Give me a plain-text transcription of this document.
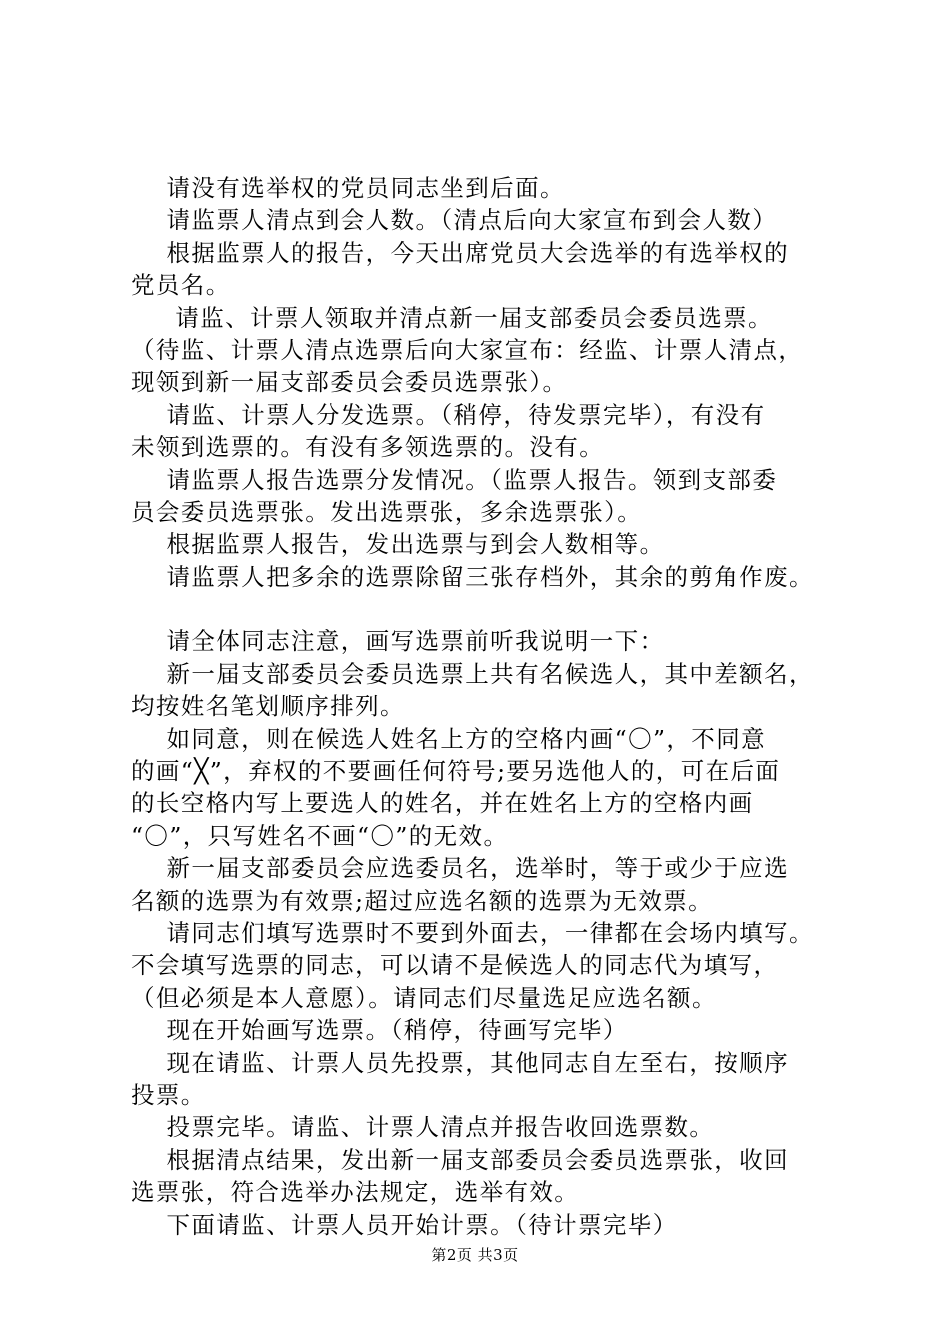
请没有选举权的党员同志坐到后面。
请监票人清点到会人数。（清点后向大家宣布到会人数）
根据监票人的报告，今天出席党员大会选举的有选举权的
党员名。
请监、计票人领取并清点新一届支部委员会委员选票。
（待监、计票人清点选票后向大家宣布：经监、计票人清点，
现领到新一届支部委员会委员选票张）。
请监、计票人分发选票。（稍停，待发票完毕），有没有
未领到选票的。有没有多领选票的。没有。
请监票人报告选票分发情况。（监票人报告。领到支部委
员会委员选票张。发出选票张，多余选票张）。
根据监票人报告，发出选票与到会人数相等。
请监票人把多余的选票除留三张存档外，其余的剪角作废。
请全体同志注意，画写选票前听我说明一下：
新一届支部委员会委员选票上共有名候选人，其中差额名，
均按姓名笔划顺序排列。
如同意，则在候选人姓名上方的空格内画“〇”，不同意
的画“╳”，弃权的不要画任何符号;要另选他人的，可在后面
的长空格内写上要选人的姓名，并在姓名上方的空格内画
“〇”，只写姓名不画“〇”的无效。
新一届支部委员会应选委员名，选举时，等于或少于应选
名额的选票为有效票;超过应选名额的选票为无效票。
请同志们填写选票时不要到外面去，一律都在会场内填写。
不会填写选票的同志，可以请不是候选人的同志代为填写，
（但必须是本人意愿）。请同志们尽量选足应选名额。
现在开始画写选票。（稍停，待画写完毕）
现在请监、计票人员先投票，其他同志自左至右，按顺序
投票。
投票完毕。请监、计票人清点并报告收回选票数。
根据清点结果，发出新一届支部委员会委员选票张，收回
选票张，符合选举办法规定，选举有效。
下面请监、计票人员开始计票。（待计票完毕）
第2页 共3页
